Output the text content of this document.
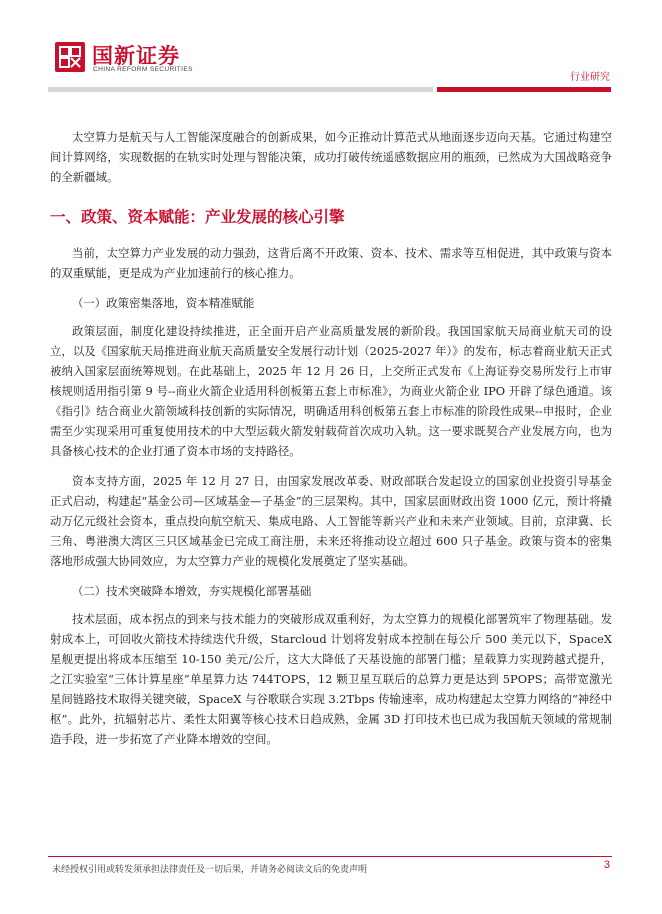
国新证券
CHINA REFORM SECURITIES
行业研究

太空算力是航天与人工智能深度融合的创新成果，如今正推动计算范式从地面逐步迈向天基。它通过构建空间计算网络，实现数据的在轨实时处理与智能决策，成功打破传统遥感数据应用的瓶颈，已然成为大国战略竞争的全新疆域。

一、政策、资本赋能：产业发展的核心引擎

当前，太空算力产业发展的动力强劲，这背后离不开政策、资本、技术、需求等互相促进，其中政策与资本的双重赋能，更是成为产业加速前行的核心推力。

（一）政策密集落地，资本精准赋能

政策层面，制度化建设持续推进，正全面开启产业高质量发展的新阶段。我国国家航天局商业航天司的设立，以及《国家航天局推进商业航天高质量安全发展行动计划（2025-2027 年）》的发布，标志着商业航天正式被纳入国家层面统筹规划。在此基础上，2025 年 12 月 26 日，上交所正式发布《上海证券交易所发行上市审核规则适用指引第 9 号--商业火箭企业适用科创板第五套上市标准》，为商业火箭企业 IPO 开辟了绿色通道。该《指引》结合商业火箭领域科技创新的实际情况，明确适用科创板第五套上市标准的阶段性成果--申报时，企业需至少实现采用可重复使用技术的中大型运载火箭发射载荷首次成功入轨。这一要求既契合产业发展方向，也为具备核心技术的企业打通了资本市场的支持路径。

资本支持方面，2025 年 12 月 27 日，由国家发展改革委、财政部联合发起设立的国家创业投资引导基金正式启动，构建起“基金公司—区域基金—子基金”的三层架构。其中，国家层面财政出资 1000 亿元，预计将撬动万亿元级社会资本，重点投向航空航天、集成电路、人工智能等新兴产业和未来产业领域。目前，京津冀、长三角、粤港澳大湾区三只区域基金已完成工商注册，未来还将推动设立超过 600 只子基金。政策与资本的密集落地形成强大协同效应，为太空算力产业的规模化发展奠定了坚实基础。

（二）技术突破降本增效，夯实规模化部署基础

技术层面，成本拐点的到来与技术能力的突破形成双重利好，为太空算力的规模化部署筑牢了物理基础。发射成本上，可回收火箭技术持续迭代升级，Starcloud 计划将发射成本控制在每公斤 500 美元以下，SpaceX 星舰更提出将成本压缩至 10-150 美元/公斤，这大大降低了天基设施的部署门槛；星载算力实现跨越式提升，之江实验室“三体计算星座”单星算力达 744TOPS，12 颗卫星互联后的总算力更是达到 5POPS；高带宽激光星间链路技术取得关键突破，SpaceX 与谷歌联合实现 3.2Tbps 传输速率，成功构建起太空算力网络的“神经中枢”。此外，抗辐射芯片、柔性太阳翼等核心技术日趋成熟，金属 3D 打印技术也已成为我国航天领域的常规制造手段，进一步拓宽了产业降本增效的空间。

未经授权引用或转发须承担法律责任及一切后果，并请务必阅读文后的免责声明	3
